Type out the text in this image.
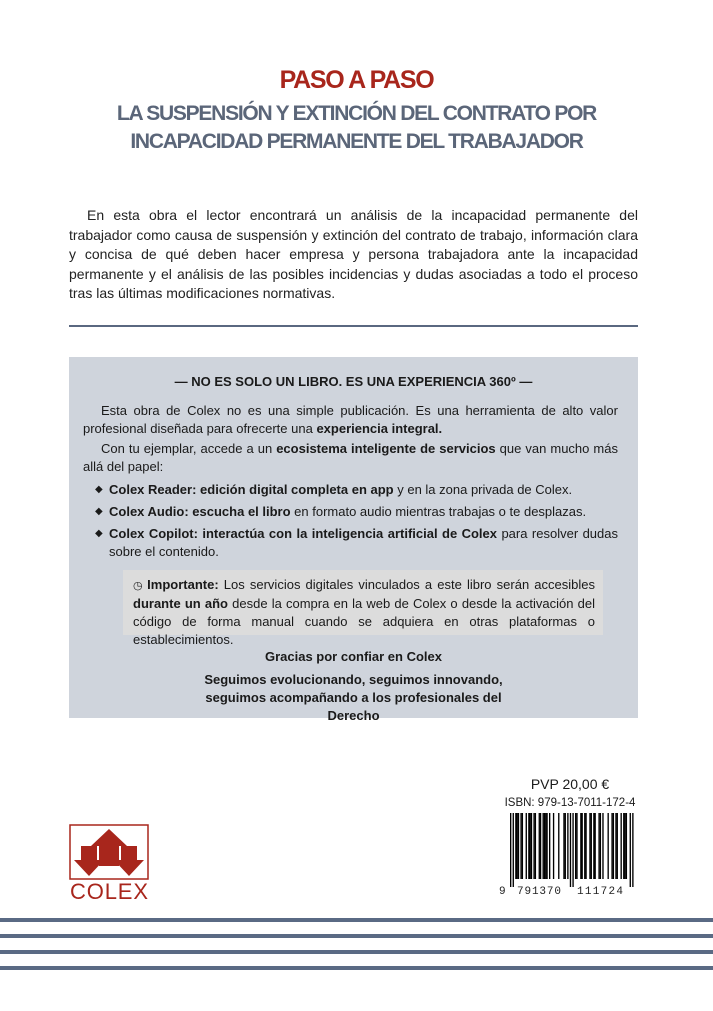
PASO A PASO
LA SUSPENSIÓN Y EXTINCIÓN DEL CONTRATO POR
INCAPACIDAD PERMANENTE DEL TRABAJADOR

En esta obra el lector encontrará un análisis de la incapacidad permanente del trabajador como causa de suspensión y extinción del contrato de trabajo, información clara y concisa de qué deben hacer empresa y persona trabajadora ante la incapacidad permanente y el análisis de las posibles incidencias y dudas asociadas a todo el proceso tras las últimas modificaciones normativas.

— NO ES SOLO UN LIBRO. ES UNA EXPERIENCIA 360º —

Esta obra de Colex no es una simple publicación. Es una herramienta de alto valor profesional diseñada para ofrecerte una experiencia integral.

Con tu ejemplar, accede a un ecosistema inteligente de servicios que van mucho más allá del papel:

◆ Colex Reader: edición digital completa en app y en la zona privada de Colex.

◆ Colex Audio: escucha el libro en formato audio mientras trabajas o te desplazas.

◆ Colex Copilot: interactúa con la inteligencia artificial de Colex para resolver dudas sobre el contenido.

◷ Importante: Los servicios digitales vinculados a este libro serán accesibles durante un año desde la compra en la web de Colex o desde la activación del código de forma manual cuando se adquiera en otras plataformas o establecimientos.

Gracias por confiar en Colex

Seguimos evolucionando, seguimos innovando, seguimos acompañando a los profesionales del Derecho

PVP 20,00 €
ISBN: 979-13-7011-172-4
9 791370 111724
COLEX
